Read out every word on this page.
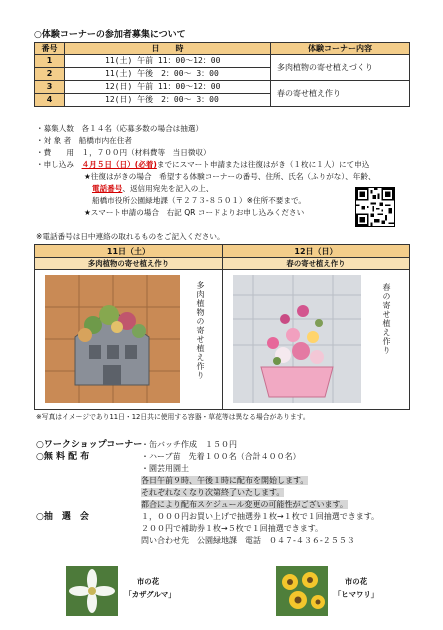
○体験コーナーの参加者募集について
番号	日　　時	体験コーナー内容
1	11(土) 午前 11：00～12：00	多肉植物の寄せ植えづくり
2	11(土) 午後　2：00～ 3：00	
3	12(日) 午前 11：00～12：00	春の寄せ植え作り
4	12(日) 午後　2：00～ 3：00	
・募集人数　各１４名（応募多数の場合は抽選）
・対 象 者　船橋市内在住者
・費　　用　１，７００円（材料費等　当日徴収）
・申し込み　４月５日（日）(必着)までにスマート申請または往復はがき（１枚に１人）にて申込
★往復はがきの場合　希望する体験コーナーの番号、住所、氏名（ふりがな）、年齢、
電話番号、返信用宛先を記入の上、
船橋市役所公園緑地課（〒２７３-８５０１）※住所不要まで。
★スマート申請の場合　右記 QR コードよりお申し込みください
※電話番号は日中連絡の取れるものをご記入ください。
11日（土）
多肉植物の寄せ植え作り
多肉植物の寄せ植え作り
12日（日）
春の寄せ植え作り
春の寄せ植え作り
※写真はイメージであり11日・12日共に使用する容器・草花等は異なる場合があります。
○ワークショップコーナー・缶バッチ作成　１５０円
○無 料 配 布	・ハーブ苗　先着１００名（合計４００名）
・園芸用園土
各日午前９時、午後１時に配布を開始します。
それぞれなくなり次第終了いたします。
都合により配布スケジュール変更の可能性がございます。
○抽　選　会	１，０００円お買い上げで抽選券１枚→１枚で１回抽選できます。
２００円で補助券１枚→５枚で１回抽選できます。
問い合わせ先　公園緑地課　電話　０４７-４３６-２５５３
市の花
「カザグルマ」
市の花
「ヒマワリ」
